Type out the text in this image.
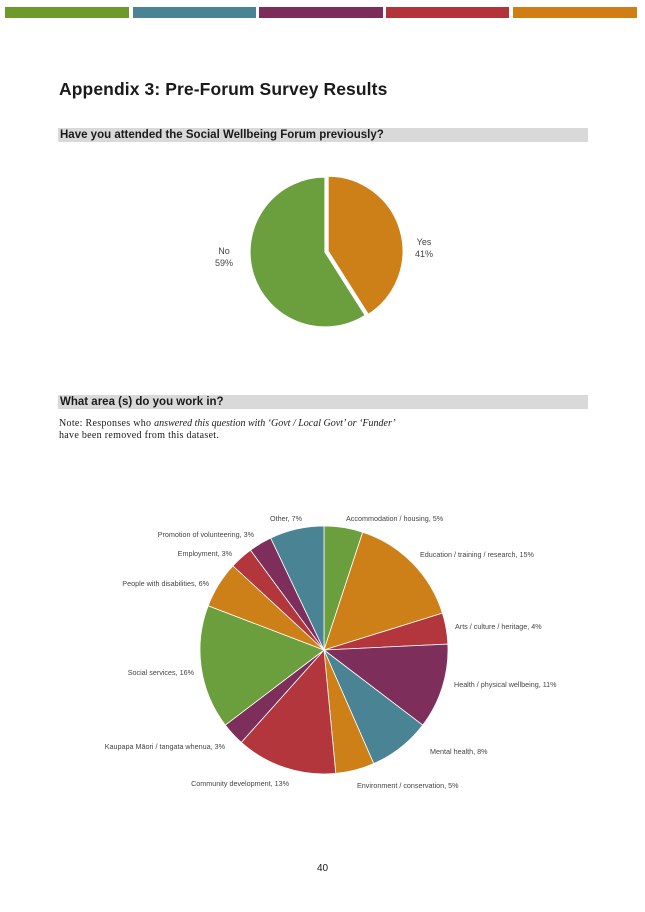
Appendix 3: Pre-Forum Survey Results
Have you attended the Social Wellbeing Forum previously?
What area (s) do you work in?
Note: Responses who answered this question with ‘Govt / Local Govt’ or ‘Funder’
have been removed from this dataset.
Yes
41%
No
59%
Accommodation / housing, 5%
Education / training / research, 15%
Arts / culture / heritage, 4%
Health / physical wellbeing, 11%
Mental health, 8%
Environment / conservation, 5%
Community development, 13%
Kaupapa Māori / tangata whenua, 3%
Social services, 16%
People with disabilities, 6%
Employment, 3%
Promotion of volunteering, 3%
Other, 7%
40
